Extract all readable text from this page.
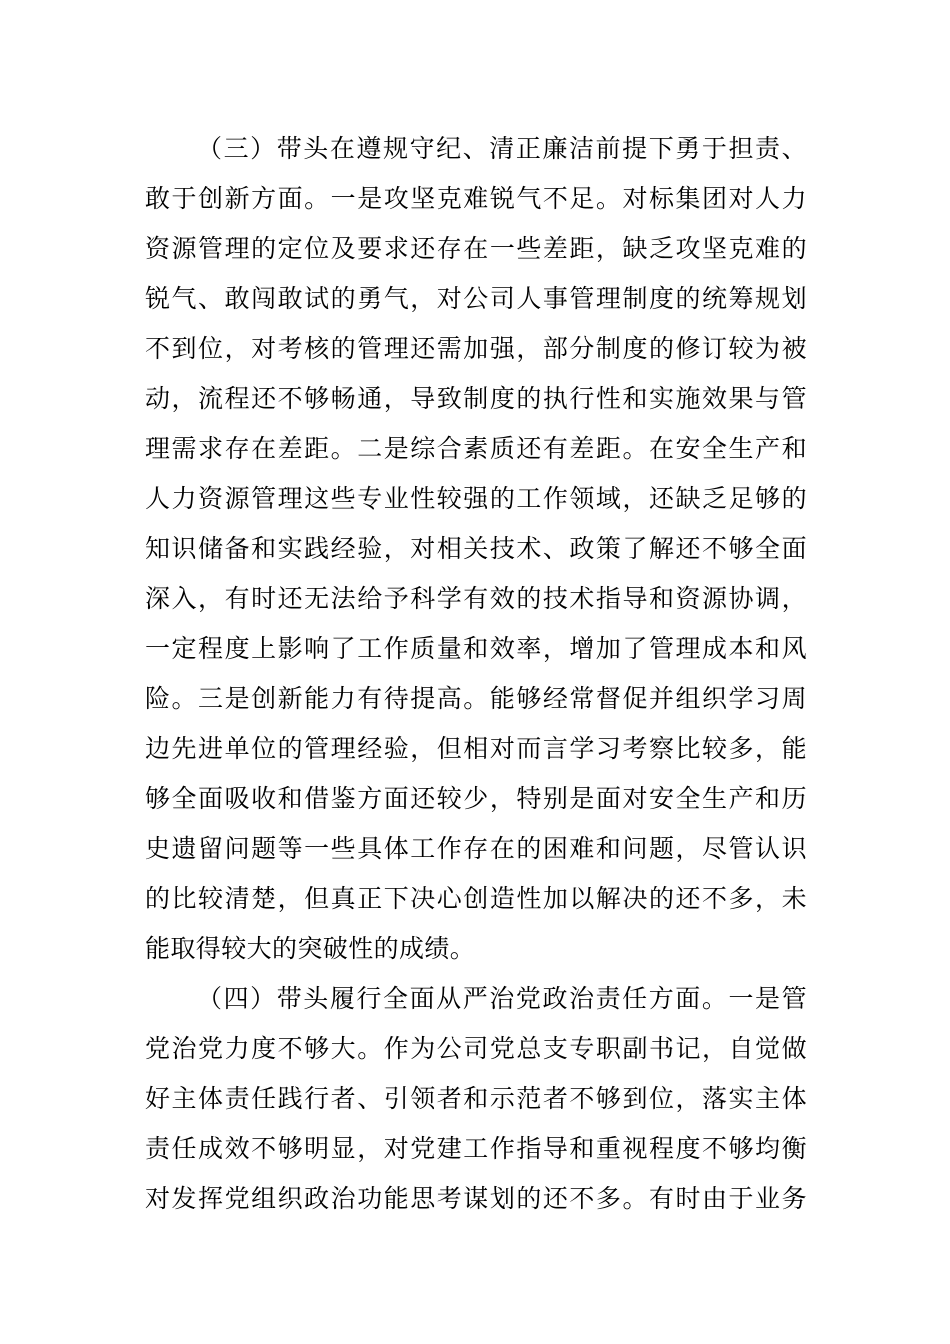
（三）带头在遵规守纪、清正廉洁前提下勇于担责、
敢于创新方面。一是攻坚克难锐气不足。对标集团对人力
资源管理的定位及要求还存在一些差距，缺乏攻坚克难的
锐气、敢闯敢试的勇气，对公司人事管理制度的统筹规划
不到位，对考核的管理还需加强，部分制度的修订较为被
动，流程还不够畅通，导致制度的执行性和实施效果与管
理需求存在差距。二是综合素质还有差距。在安全生产和
人力资源管理这些专业性较强的工作领域，还缺乏足够的
知识储备和实践经验，对相关技术、政策了解还不够全面
深入，有时还无法给予科学有效的技术指导和资源协调，
一定程度上影响了工作质量和效率，增加了管理成本和风
险。三是创新能力有待提高。能够经常督促并组织学习周
边先进单位的管理经验，但相对而言学习考察比较多，能
够全面吸收和借鉴方面还较少，特别是面对安全生产和历
史遗留问题等一些具体工作存在的困难和问题，尽管认识
的比较清楚，但真正下决心创造性加以解决的还不多，未
能取得较大的突破性的成绩。
（四）带头履行全面从严治党政治责任方面。一是管
党治党力度不够大。作为公司党总支专职副书记，自觉做
好主体责任践行者、引领者和示范者不够到位，落实主体
责任成效不够明显，对党建工作指导和重视程度不够均衡
对发挥党组织政治功能思考谋划的还不多。有时由于业务
